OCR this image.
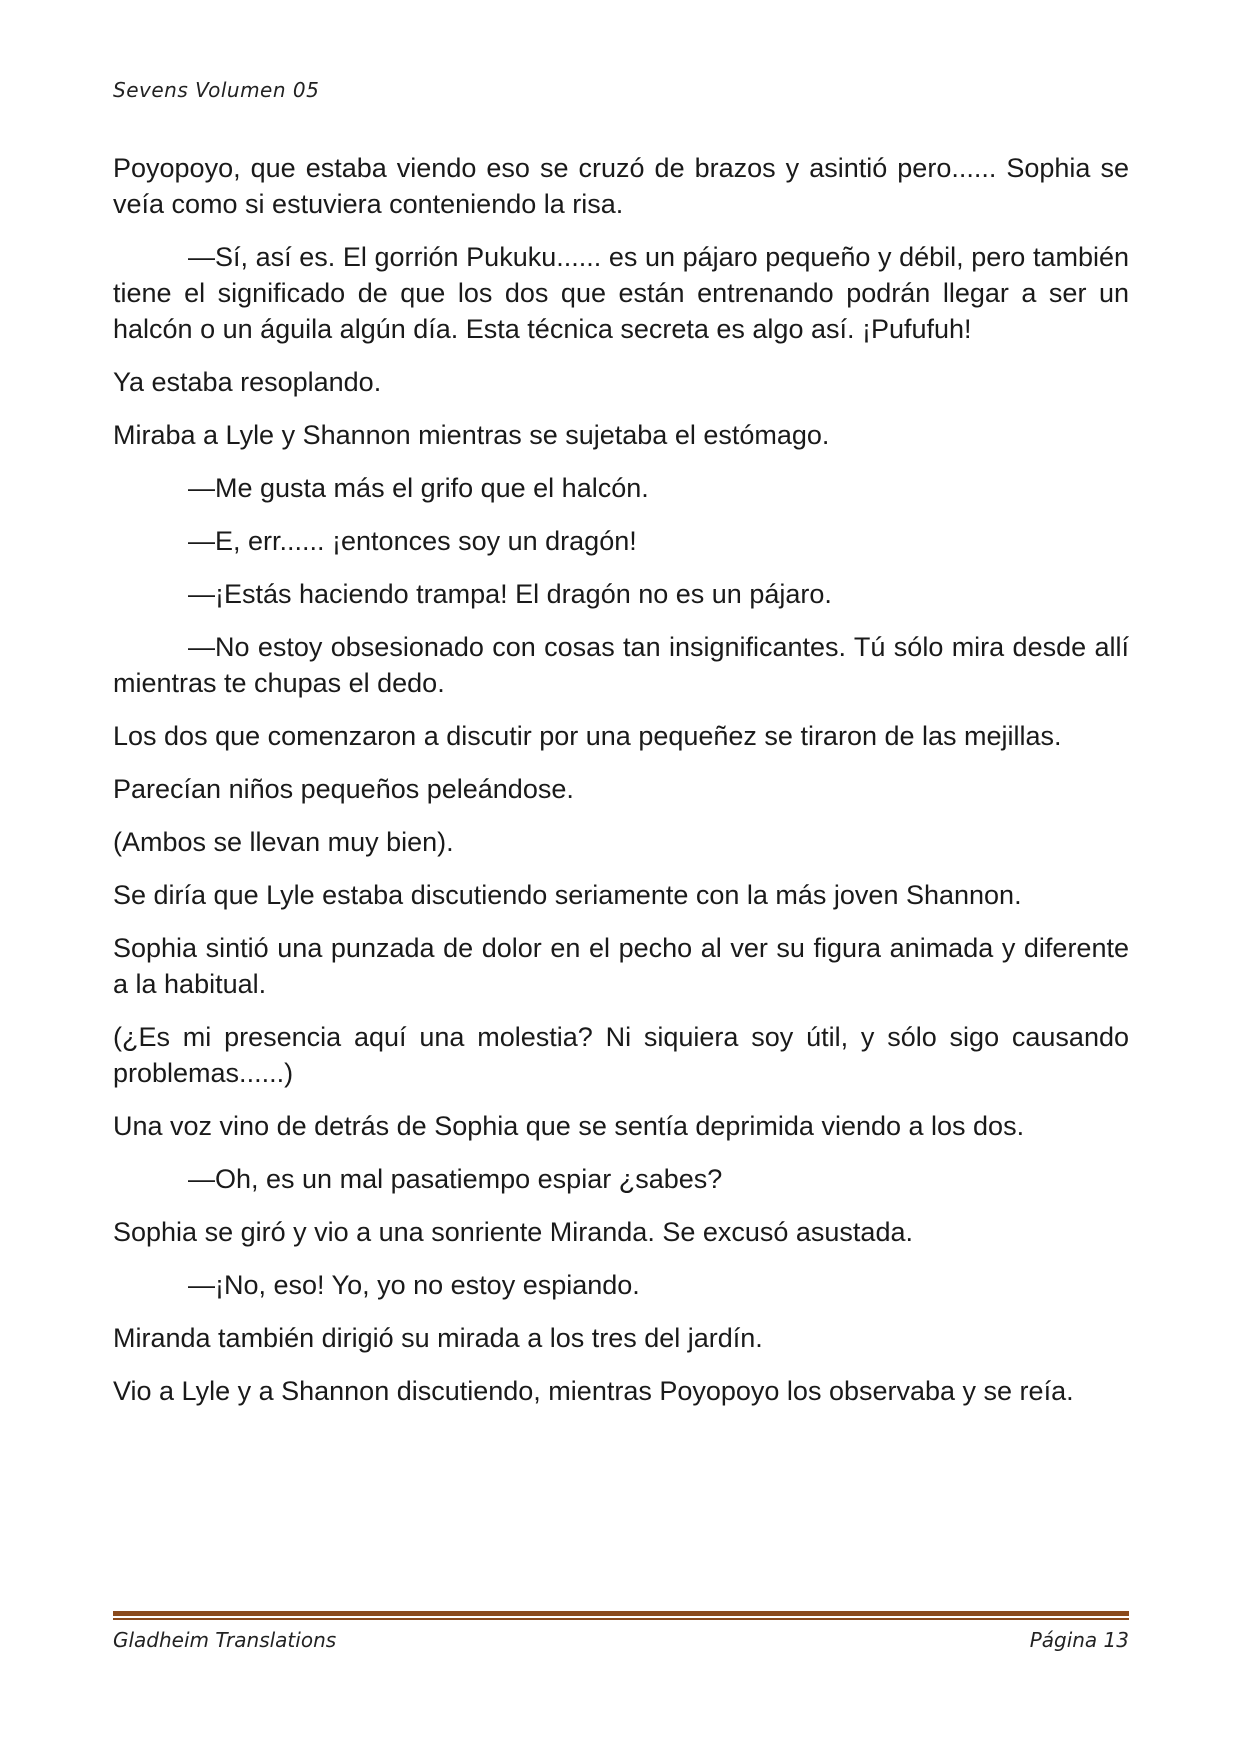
Sevens Volumen 05

Poyopoyo, que estaba viendo eso se cruzó de brazos y asintió pero...... Sophia se veía como si estuviera conteniendo la risa.

—Sí, así es. El gorrión Pukuku...... es un pájaro pequeño y débil, pero también tiene el significado de que los dos que están entrenando podrán llegar a ser un halcón o un águila algún día. Esta técnica secreta es algo así. ¡Pufufuh!

Ya estaba resoplando.

Miraba a Lyle y Shannon mientras se sujetaba el estómago.

—Me gusta más el grifo que el halcón.

—E, err...... ¡entonces soy un dragón!

—¡Estás haciendo trampa! El dragón no es un pájaro.

—No estoy obsesionado con cosas tan insignificantes. Tú sólo mira desde allí mientras te chupas el dedo.

Los dos que comenzaron a discutir por una pequeñez se tiraron de las mejillas.

Parecían niños pequeños peleándose.

(Ambos se llevan muy bien).

Se diría que Lyle estaba discutiendo seriamente con la más joven Shannon.

Sophia sintió una punzada de dolor en el pecho al ver su figura animada y diferente a la habitual.

(¿Es mi presencia aquí una molestia? Ni siquiera soy útil, y sólo sigo causando problemas......)

Una voz vino de detrás de Sophia que se sentía deprimida viendo a los dos.

—Oh, es un mal pasatiempo espiar ¿sabes?

Sophia se giró y vio a una sonriente Miranda. Se excusó asustada.

—¡No, eso! Yo, yo no estoy espiando.

Miranda también dirigió su mirada a los tres del jardín.

Vio a Lyle y a Shannon discutiendo, mientras Poyopoyo los observaba y se reía.

Gladheim Translations	Página 13
